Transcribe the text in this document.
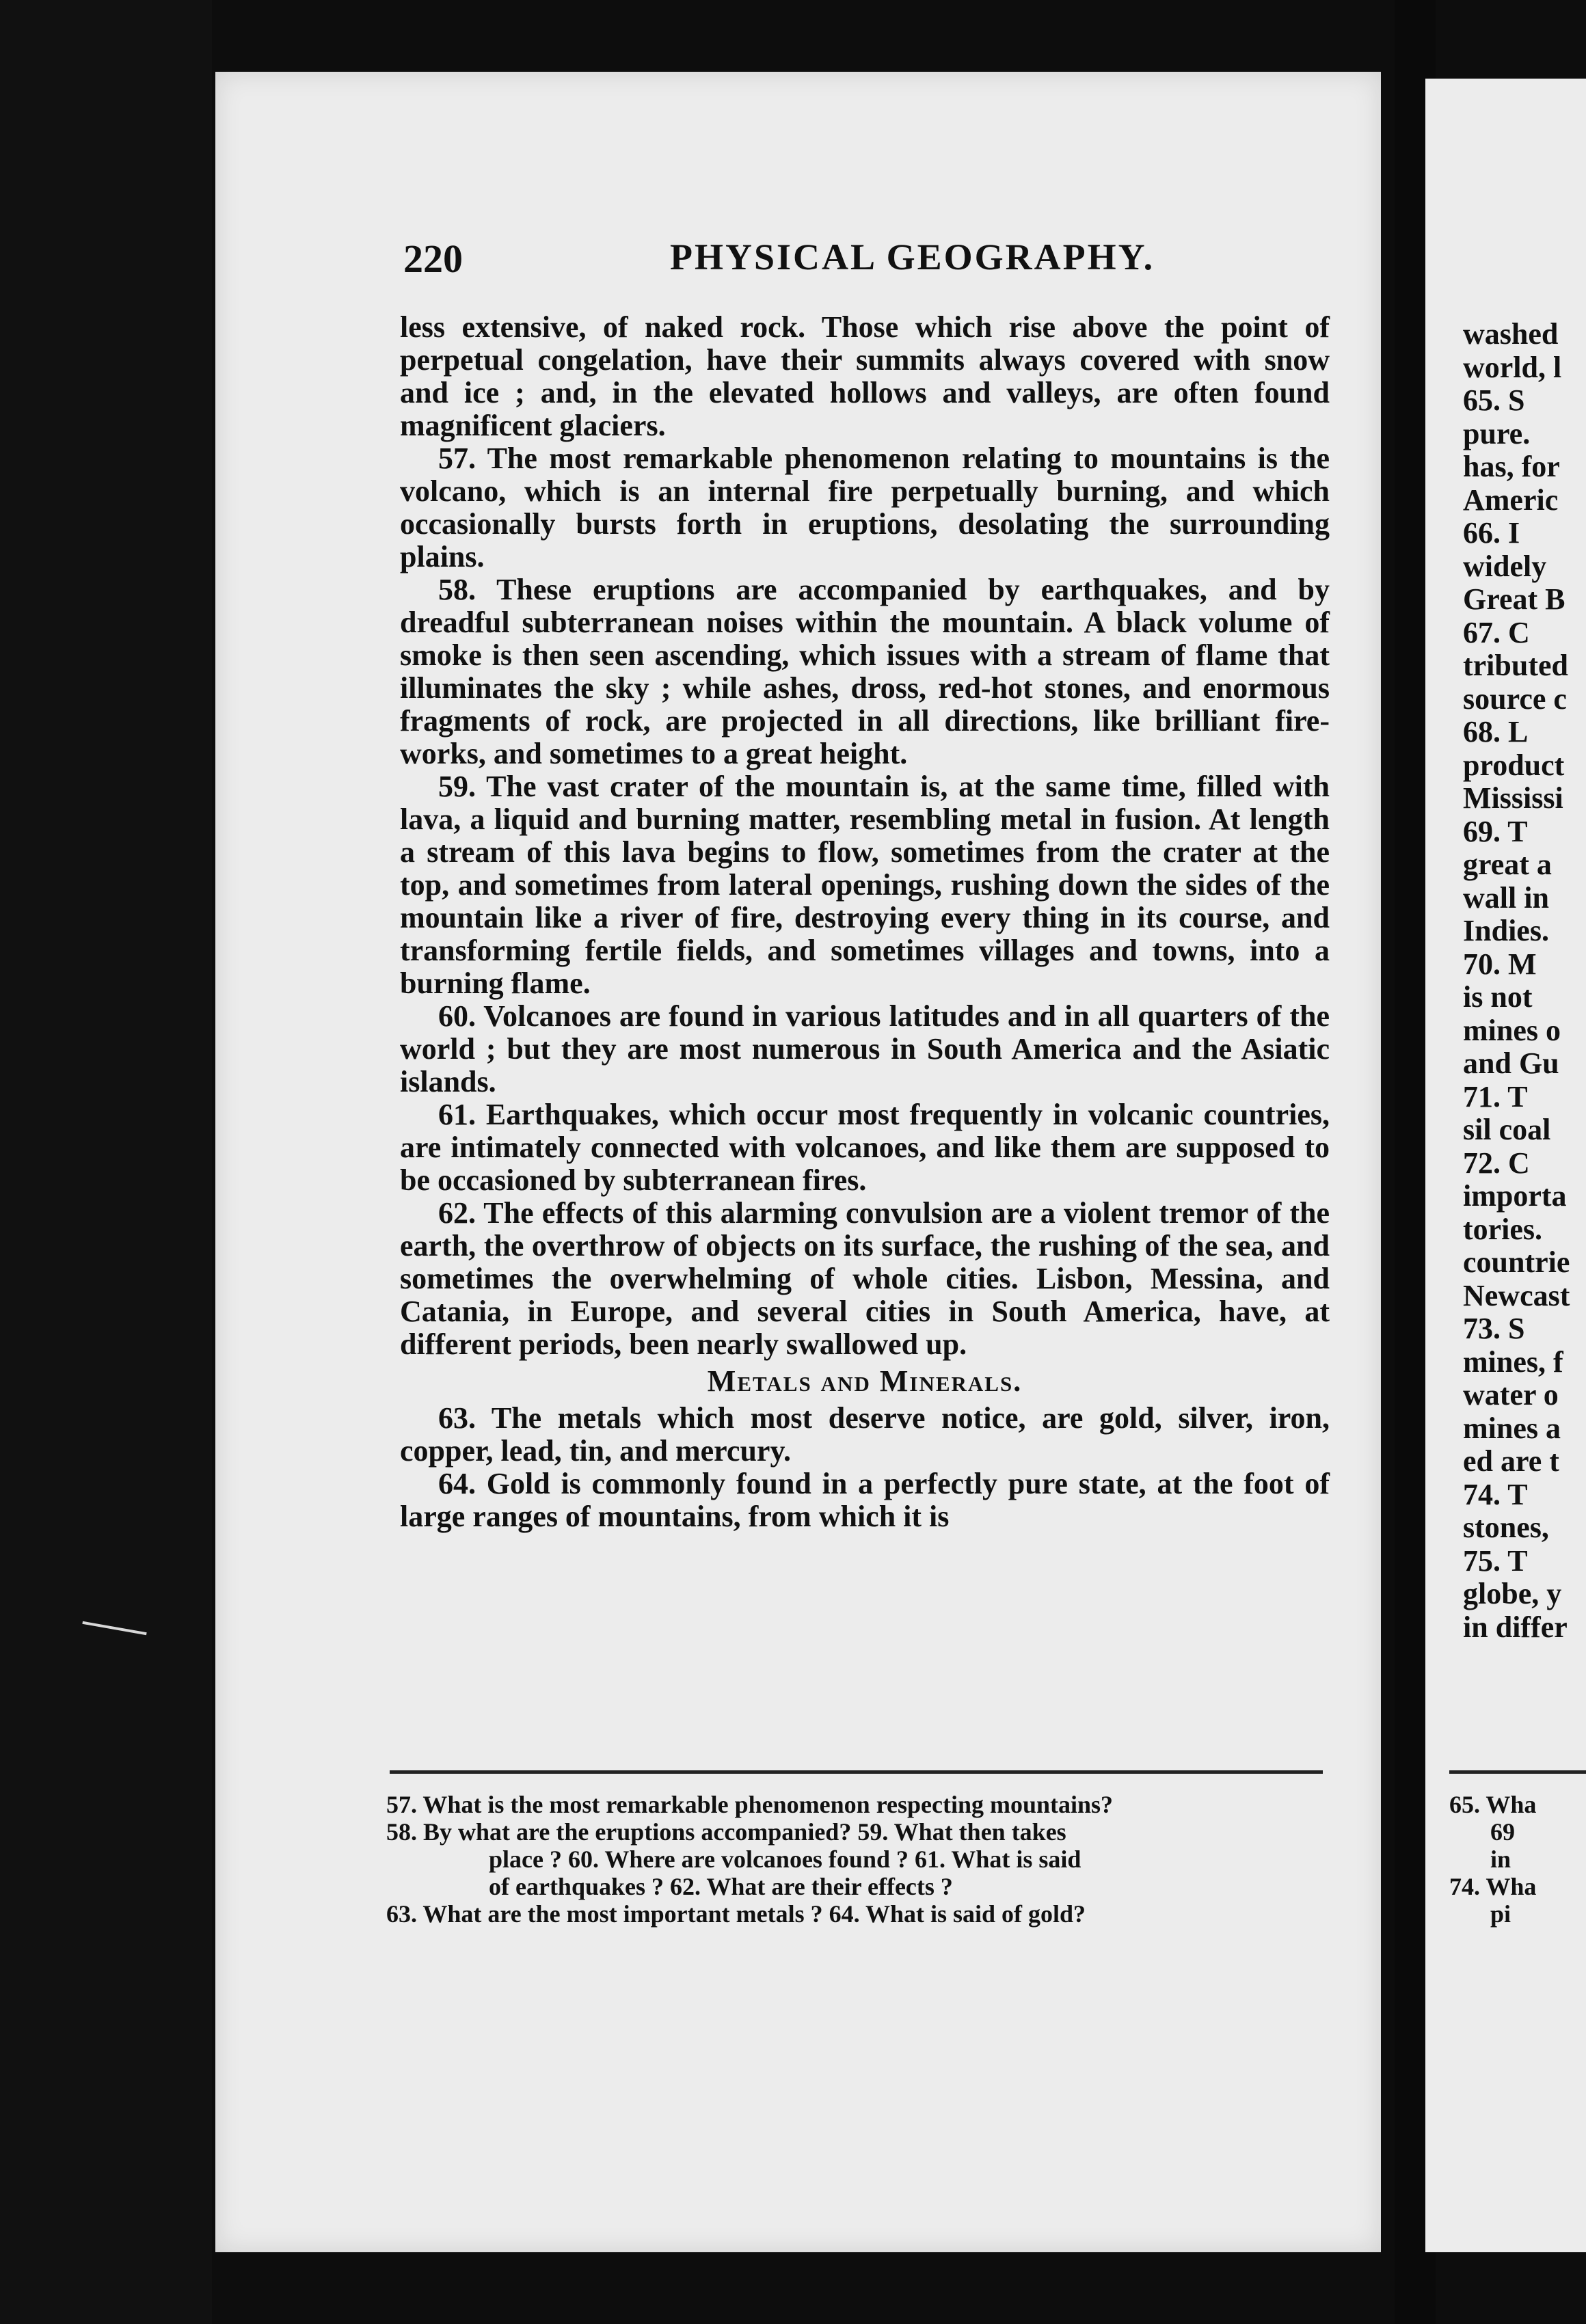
220	PHYSICAL GEOGRAPHY.

less extensive, of naked rock. Those which rise above the point of perpetual congelation, have their summits always covered with snow and ice ; and, in the elevated hollows and valleys, are often found magnificent glaciers.

57. The most remarkable phenomenon relating to mountains is the volcano, which is an internal fire perpetually burning, and which occasionally bursts forth in eruptions, desolating the surrounding plains.

58. These eruptions are accompanied by earthquakes, and by dreadful subterranean noises within the mountain. A black volume of smoke is then seen ascending, which issues with a stream of flame that illuminates the sky ; while ashes, dross, red-hot stones, and enormous fragments of rock, are projected in all directions, like brilliant fire-works, and sometimes to a great height.

59. The vast crater of the mountain is, at the same time, filled with lava, a liquid and burning matter, resembling metal in fusion. At length a stream of this lava begins to flow, sometimes from the crater at the top, and sometimes from lateral openings, rushing down the sides of the mountain like a river of fire, destroying every thing in its course, and transforming fertile fields, and sometimes villages and towns, into a burning flame.

60. Volcanoes are found in various latitudes and in all quarters of the world ; but they are most numerous in South America and the Asiatic islands.

61. Earthquakes, which occur most frequently in volcanic countries, are intimately connected with volcanoes, and like them are supposed to be occasioned by subterranean fires.

62. The effects of this alarming convulsion are a violent tremor of the earth, the overthrow of objects on its surface, the rushing of the sea, and sometimes the overwhelming of whole cities. Lisbon, Messina, and Catania, in Europe, and several cities in South America, have, at different periods, been nearly swallowed up.

Metals and Minerals.

63. The metals which most deserve notice, are gold, silver, iron, copper, lead, tin, and mercury.

64. Gold is commonly found in a perfectly pure state, at the foot of large ranges of mountains, from which it is

57. What is the most remarkable phenomenon respecting mountains?

58. By what are the eruptions accompanied? 59. What then takes

place ? 60. Where are volcanoes found ? 61. What is said

of earthquakes ? 62. What are their effects ?

63. What are the most important metals ? 64. What is said of gold?

washed
world, l
65. S
pure.
has, for
Americ
66. I
widely
Great B
67. C
tributed
source c
68. L
product
Mississi
69. T
great a
wall in
Indies.
70. M
is not
mines o
and Gu
71. T
sil coal
72. C
importa
tories.
countrie
Newcast
73. S
mines, f
water o
mines a
ed are t
74. T
stones,
75. T
globe, y
in differ
65. Wha
69
in
74. Wha
pi
